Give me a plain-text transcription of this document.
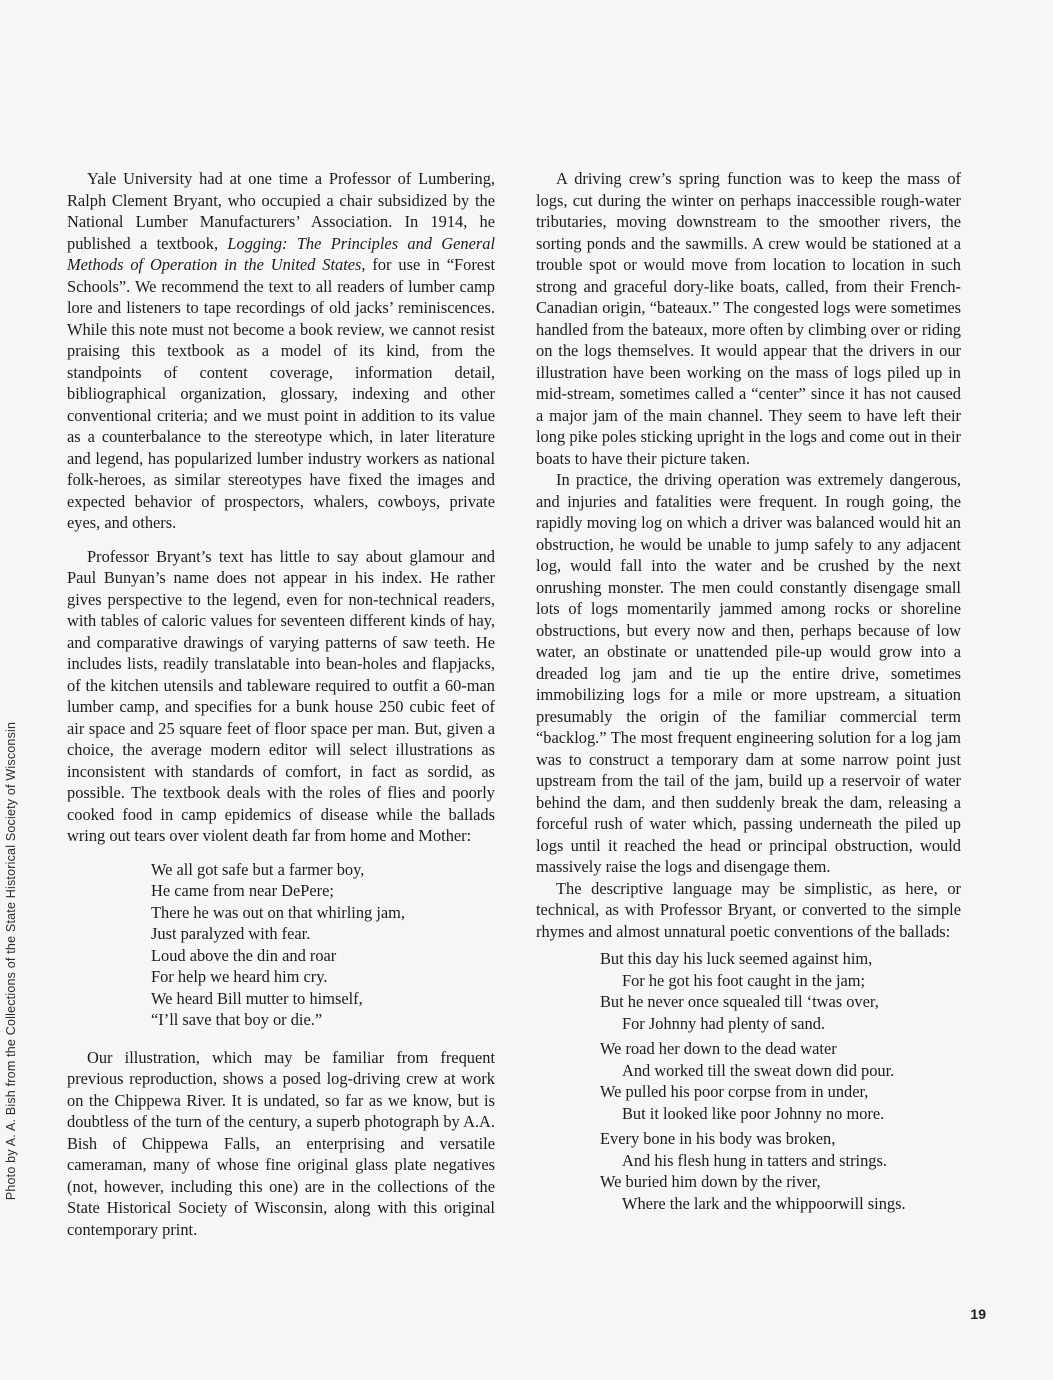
Photo by A. A. Bish from the Collections of the State Historical Society of Wisconsin

Yale University had at one time a Professor of Lumbering, Ralph Clement Bryant, who occupied a chair subsidized by the National Lumber Manufacturers’ Association. In 1914, he published a textbook, Logging: The Principles and General Methods of Operation in the United States, for use in “Forest Schools”. We recommend the text to all readers of lumber camp lore and listeners to tape recordings of old jacks’ reminiscences. While this note must not become a book review, we cannot resist praising this textbook as a model of its kind, from the standpoints of content coverage, information detail, bibliographical organization, glossary, indexing and other conventional criteria; and we must point in addition to its value as a counterbalance to the stereotype which, in later literature and legend, has popularized lumber industry workers as national folk-heroes, as similar stereotypes have fixed the images and expected behavior of prospectors, whalers, cowboys, private eyes, and others.

Professor Bryant’s text has little to say about glamour and Paul Bunyan’s name does not appear in his index. He rather gives perspective to the legend, even for non-technical readers, with tables of caloric values for seventeen different kinds of hay, and comparative drawings of varying patterns of saw teeth. He includes lists, readily translatable into bean-holes and flapjacks, of the kitchen utensils and tableware required to outfit a 60-man lumber camp, and specifies for a bunk house 250 cubic feet of air space and 25 square feet of floor space per man. But, given a choice, the average modern editor will select illustrations as inconsistent with standards of comfort, in fact as sordid, as possible. The textbook deals with the roles of flies and poorly cooked food in camp epidemics of disease while the ballads wring out tears over violent death far from home and Mother:

We all got safe but a farmer boy,
He came from near DePere;
There he was out on that whirling jam,
Just paralyzed with fear.
Loud above the din and roar
For help we heard him cry.
We heard Bill mutter to himself,
“I’ll save that boy or die.”

Our illustration, which may be familiar from frequent previous reproduction, shows a posed log-driving crew at work on the Chippewa River. It is undated, so far as we know, but is doubtless of the turn of the century, a superb photograph by A.A. Bish of Chippewa Falls, an enterprising and versatile cameraman, many of whose fine original glass plate negatives (not, however, including this one) are in the collections of the State Historical Society of Wisconsin, along with this original contemporary print.

A driving crew’s spring function was to keep the mass of logs, cut during the winter on perhaps inaccessible rough-water tributaries, moving downstream to the smoother rivers, the sorting ponds and the sawmills. A crew would be stationed at a trouble spot or would move from location to location in such strong and graceful dory-like boats, called, from their French-Canadian origin, “bateaux.” The congested logs were sometimes handled from the bateaux, more often by climbing over or riding on the logs themselves. It would appear that the drivers in our illustration have been working on the mass of logs piled up in mid-stream, sometimes called a “center” since it has not caused a major jam of the main channel. They seem to have left their long pike poles sticking upright in the logs and come out in their boats to have their picture taken.

In practice, the driving operation was extremely dangerous, and injuries and fatalities were frequent. In rough going, the rapidly moving log on which a driver was balanced would hit an obstruction, he would be unable to jump safely to any adjacent log, would fall into the water and be crushed by the next onrushing monster. The men could constantly disengage small lots of logs momentarily jammed among rocks or shoreline obstructions, but every now and then, perhaps because of low water, an obstinate or unattended pile-up would grow into a dreaded log jam and tie up the entire drive, sometimes immobilizing logs for a mile or more upstream, a situation presumably the origin of the familiar commercial term “backlog.” The most frequent engineering solution for a log jam was to construct a temporary dam at some narrow point just upstream from the tail of the jam, build up a reservoir of water behind the dam, and then suddenly break the dam, releasing a forceful rush of water which, passing underneath the piled up logs until it reached the head or principal obstruction, would massively raise the logs and disengage them.

The descriptive language may be simplistic, as here, or technical, as with Professor Bryant, or converted to the simple rhymes and almost unnatural poetic conventions of the ballads:

But this day his luck seemed against him,
For he got his foot caught in the jam;
But he never once squealed till ‘twas over,
For Johnny had plenty of sand.
We road her down to the dead water
And worked till the sweat down did pour.
We pulled his poor corpse from in under,
But it looked like poor Johnny no more.
Every bone in his body was broken,
And his flesh hung in tatters and strings.
We buried him down by the river,
Where the lark and the whippoorwill sings.
19
